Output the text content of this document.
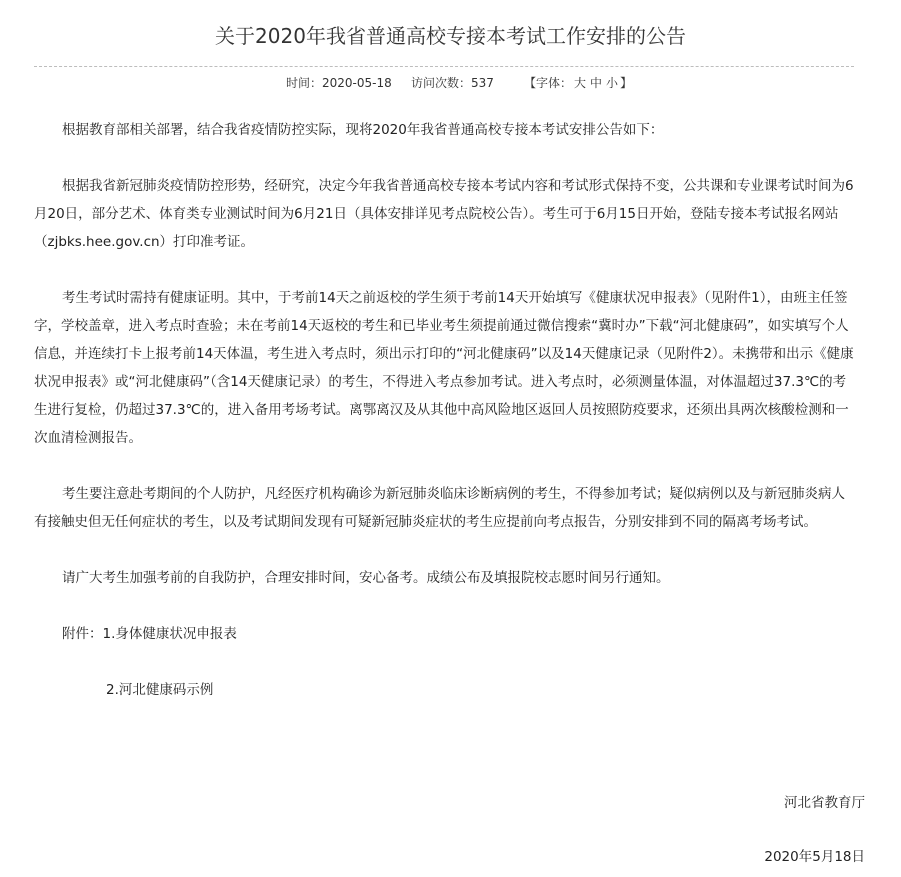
关于2020年我省普通高校专接本考试工作安排的公告
时间：2020-05-18 访问次数：537	【字体： 大 中 小 】

根据教育部相关部署，结合我省疫情防控实际，现将2020年我省普通高校专接本考试安排公告如下：

根据我省新冠肺炎疫情防控形势，经研究，决定今年我省普通高校专接本考试内容和考试形式保持不变，公共课和专业课考试时间为6月20日，部分艺术、体育类专业测试时间为6月21日（具体安排详见考点院校公告）。考生可于6月15日开始，登陆专接本考试报名网站（zjbks.hee.gov.cn）打印准考证。

考生考试时需持有健康证明。其中，于考前14天之前返校的学生须于考前14天开始填写《健康状况申报表》（见附件1），由班主任签字，学校盖章，进入考点时查验；未在考前14天返校的考生和已毕业考生须提前通过微信搜索“冀时办”下载“河北健康码”，如实填写个人信息，并连续打卡上报考前14天体温，考生进入考点时，须出示打印的“河北健康码”以及14天健康记录（见附件2）。未携带和出示《健康状况申报表》或“河北健康码”（含14天健康记录）的考生，不得进入考点参加考试。进入考点时，必须测量体温，对体温超过37.3℃的考生进行复检，仍超过37.3℃的，进入备用考场考试。离鄂离汉及从其他中高风险地区返回人员按照防疫要求，还须出具两次核酸检测和一次血清检测报告。

考生要注意赴考期间的个人防护，凡经医疗机构确诊为新冠肺炎临床诊断病例的考生，不得参加考试；疑似病例以及与新冠肺炎病人有接触史但无任何症状的考生，以及考试期间发现有可疑新冠肺炎症状的考生应提前向考点报告，分别安排到不同的隔离考场考试。

请广大考生加强考前的自我防护，合理安排时间，安心备考。成绩公布及填报院校志愿时间另行通知。

附件：1.身体健康状况申报表

2.河北健康码示例

河北省教育厅
2020年5月18日
